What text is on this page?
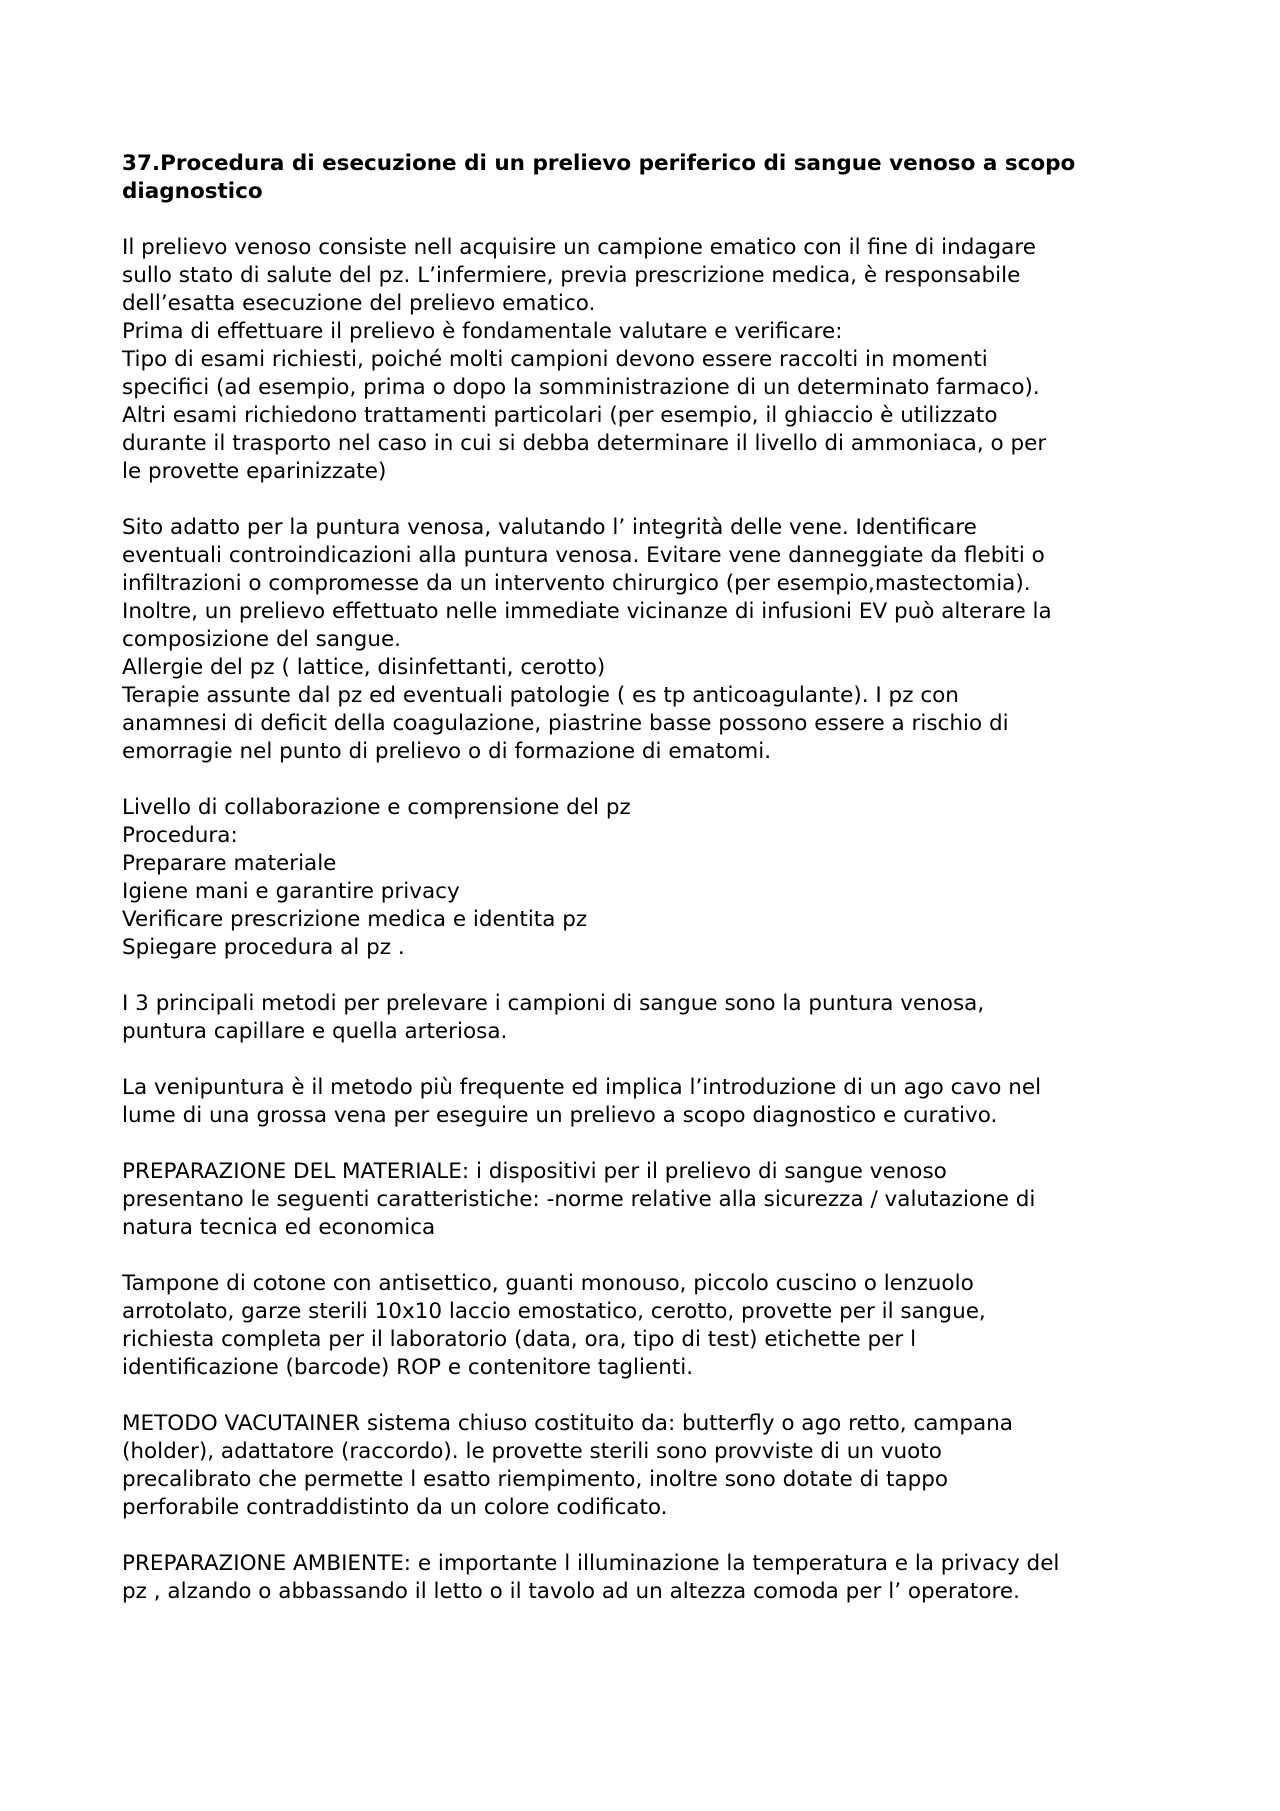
37.Procedura di esecuzione di un prelievo periferico di sangue venoso a scopo diagnostico
Il prelievo venoso consiste nell acquisire un campione ematico con il fine di indagare
sullo stato di salute del pz. L’infermiere, previa prescrizione medica, è responsabile
dell’esatta esecuzione del prelievo ematico.
Prima di effettuare il prelievo è fondamentale valutare e verificare:
Tipo di esami richiesti, poiché molti campioni devono essere raccolti in momenti
specifici (ad esempio, prima o dopo la somministrazione di un determinato farmaco).
Altri esami richiedono trattamenti particolari (per esempio, il ghiaccio è utilizzato
durante il trasporto nel caso in cui si debba determinare il livello di ammoniaca, o per
le provette eparinizzate)
Sito adatto per la puntura venosa, valutando l’ integrità delle vene. Identificare
eventuali controindicazioni alla puntura venosa. Evitare vene danneggiate da flebiti o
infiltrazioni o compromesse da un intervento chirurgico (per esempio,mastectomia).
Inoltre, un prelievo effettuato nelle immediate vicinanze di infusioni EV può alterare la
composizione del sangue.
Allergie del pz ( lattice, disinfettanti, cerotto)
Terapie assunte dal pz ed eventuali patologie ( es tp anticoagulante). I pz con
anamnesi di deficit della coagulazione, piastrine basse possono essere a rischio di
emorragie nel punto di prelievo o di formazione di ematomi.
Livello di collaborazione e comprensione del pz
Procedura:
Preparare materiale
Igiene mani e garantire privacy
Verificare prescrizione medica e identita pz
Spiegare procedura al pz .
I 3 principali metodi per prelevare i campioni di sangue sono la puntura venosa,
puntura capillare e quella arteriosa.
La venipuntura è il metodo più frequente ed implica l’introduzione di un ago cavo nel
lume di una grossa vena per eseguire un prelievo a scopo diagnostico e curativo.
PREPARAZIONE DEL MATERIALE: i dispositivi per il prelievo di sangue venoso
presentano le seguenti caratteristiche: -norme relative alla sicurezza / valutazione di
natura tecnica ed economica
Tampone di cotone con antisettico, guanti monouso, piccolo cuscino o lenzuolo
arrotolato, garze sterili 10x10 laccio emostatico, cerotto, provette per il sangue,
richiesta completa per il laboratorio (data, ora, tipo di test) etichette per l
identificazione (barcode) ROP e contenitore taglienti.
METODO VACUTAINER sistema chiuso costituito da: butterfly o ago retto, campana
(holder), adattatore (raccordo). le provette sterili sono provviste di un vuoto
precalibrato che permette l esatto riempimento, inoltre sono dotate di tappo
perforabile contraddistinto da un colore codificato.
PREPARAZIONE AMBIENTE: e importante l illuminazione la temperatura e la privacy del
pz , alzando o abbassando il letto o il tavolo ad un altezza comoda per l’ operatore.
